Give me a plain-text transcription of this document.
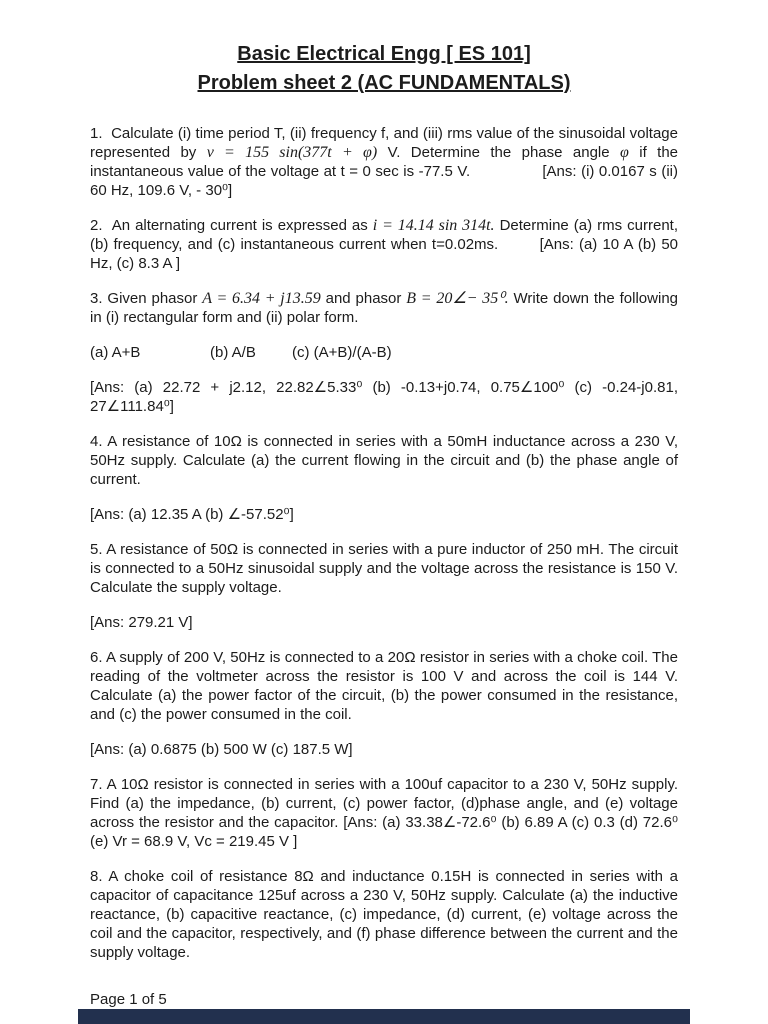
Basic Electrical Engg [ ES 101]
Problem sheet 2 (AC FUNDAMENTALS)

1.  Calculate (i) time period T, (ii) frequency f, and (iii) rms value of the sinusoidal voltage represented by v = 155 sin(377t + φ) V. Determine the phase angle φ if the instantaneous value of the voltage at t = 0 sec is -77.5 V.	[Ans: (i) 0.0167 s (ii) 60 Hz, 109.6 V, - 30⁰]

2.  An alternating current is expressed as i = 14.14 sin 314t. Determine (a) rms current, (b) frequency, and (c) instantaneous current when t=0.02ms.	[Ans: (a) 10 A (b) 50 Hz, (c) 8.3 A ]

3. Given phasor A = 6.34 + j13.59 and phasor B = 20∠− 35⁰. Write down the following in (i) rectangular form and (ii) polar form.

(a) A+B	(b) A/B (c) (A+B)/(A-B)

[Ans: (a) 22.72 + j2.12, 22.82∠5.33⁰ (b) -0.13+j0.74, 0.75∠100⁰ (c) -0.24-j0.81, 27∠111.84⁰]

4. A resistance of 10Ω is connected in series with a 50mH inductance across a 230 V, 50Hz supply. Calculate (a) the current flowing in the circuit and (b) the phase angle of current.

[Ans: (a) 12.35 A (b) ∠-57.52⁰]

5. A resistance of 50Ω is connected in series with a pure inductor of 250 mH. The circuit is connected to a 50Hz sinusoidal supply and the voltage across the resistance is 150 V. Calculate the supply voltage.

[Ans: 279.21 V]

6. A supply of 200 V, 50Hz is connected to a 20Ω resistor in series with a choke coil. The reading of the voltmeter across the resistor is 100 V and across the coil is 144 V. Calculate (a) the power factor of the circuit, (b) the power consumed in the resistance, and (c) the power consumed in the coil.

[Ans: (a) 0.6875 (b) 500 W (c) 187.5 W]

7. A 10Ω resistor is connected in series with a 100uf capacitor to a 230 V, 50Hz supply. Find (a) the impedance, (b) current, (c) power factor, (d)phase angle, and (e) voltage across the resistor and the capacitor. [Ans: (a) 33.38∠-72.6⁰ (b) 6.89 A (c) 0.3 (d) 72.6⁰ (e) Vr = 68.9 V, Vc = 219.45 V ]

8. A choke coil of resistance 8Ω and inductance 0.15H is connected in series with a capacitor of capacitance 125uf across a 230 V, 50Hz supply. Calculate (a) the inductive reactance, (b) capacitive reactance, (c) impedance, (d) current, (e) voltage across the coil and the capacitor, respectively, and (f) phase difference between the current and the supply voltage.

Page 1 of 5
